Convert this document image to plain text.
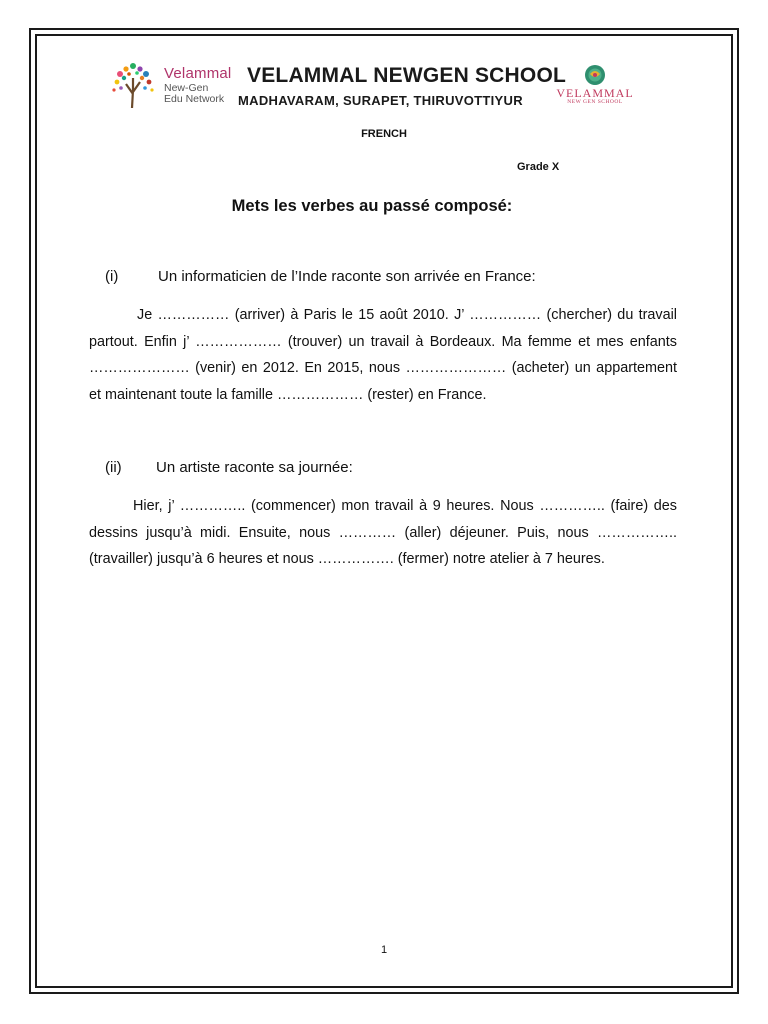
Velammal
New-Gen
Edu Network
VELAMMAL NEWGEN SCHOOL
MADHAVARAM, SURAPET, THIRUVOTTIYUR	VELAMMAL
NEW GEN SCHOOL
FRENCH
Grade X
Mets les verbes au passé composé:
(i)	Un informaticien de l’Inde raconte son arrivée en France:

Je …………… (arriver) à Paris le 15 août 2010. J’ …………… (chercher) du travail partout. Enfin j’ ……………… (trouver) un travail à Bordeaux. Ma femme et mes enfants ………………… (venir) en 2012. En 2015, nous ………………… (acheter) un appartement et maintenant toute la famille ……………… (rester) en France.

(ii) Un artiste raconte sa journée:

Hier, j’ ………….. (commencer) mon travail à 9 heures. Nous ………….. (faire) des dessins jusqu’à midi. Ensuite, nous ………… (aller) déjeuner. Puis, nous …………….. (travailler) jusqu’à 6 heures et nous ……………. (fermer) notre atelier à 7 heures.

1
